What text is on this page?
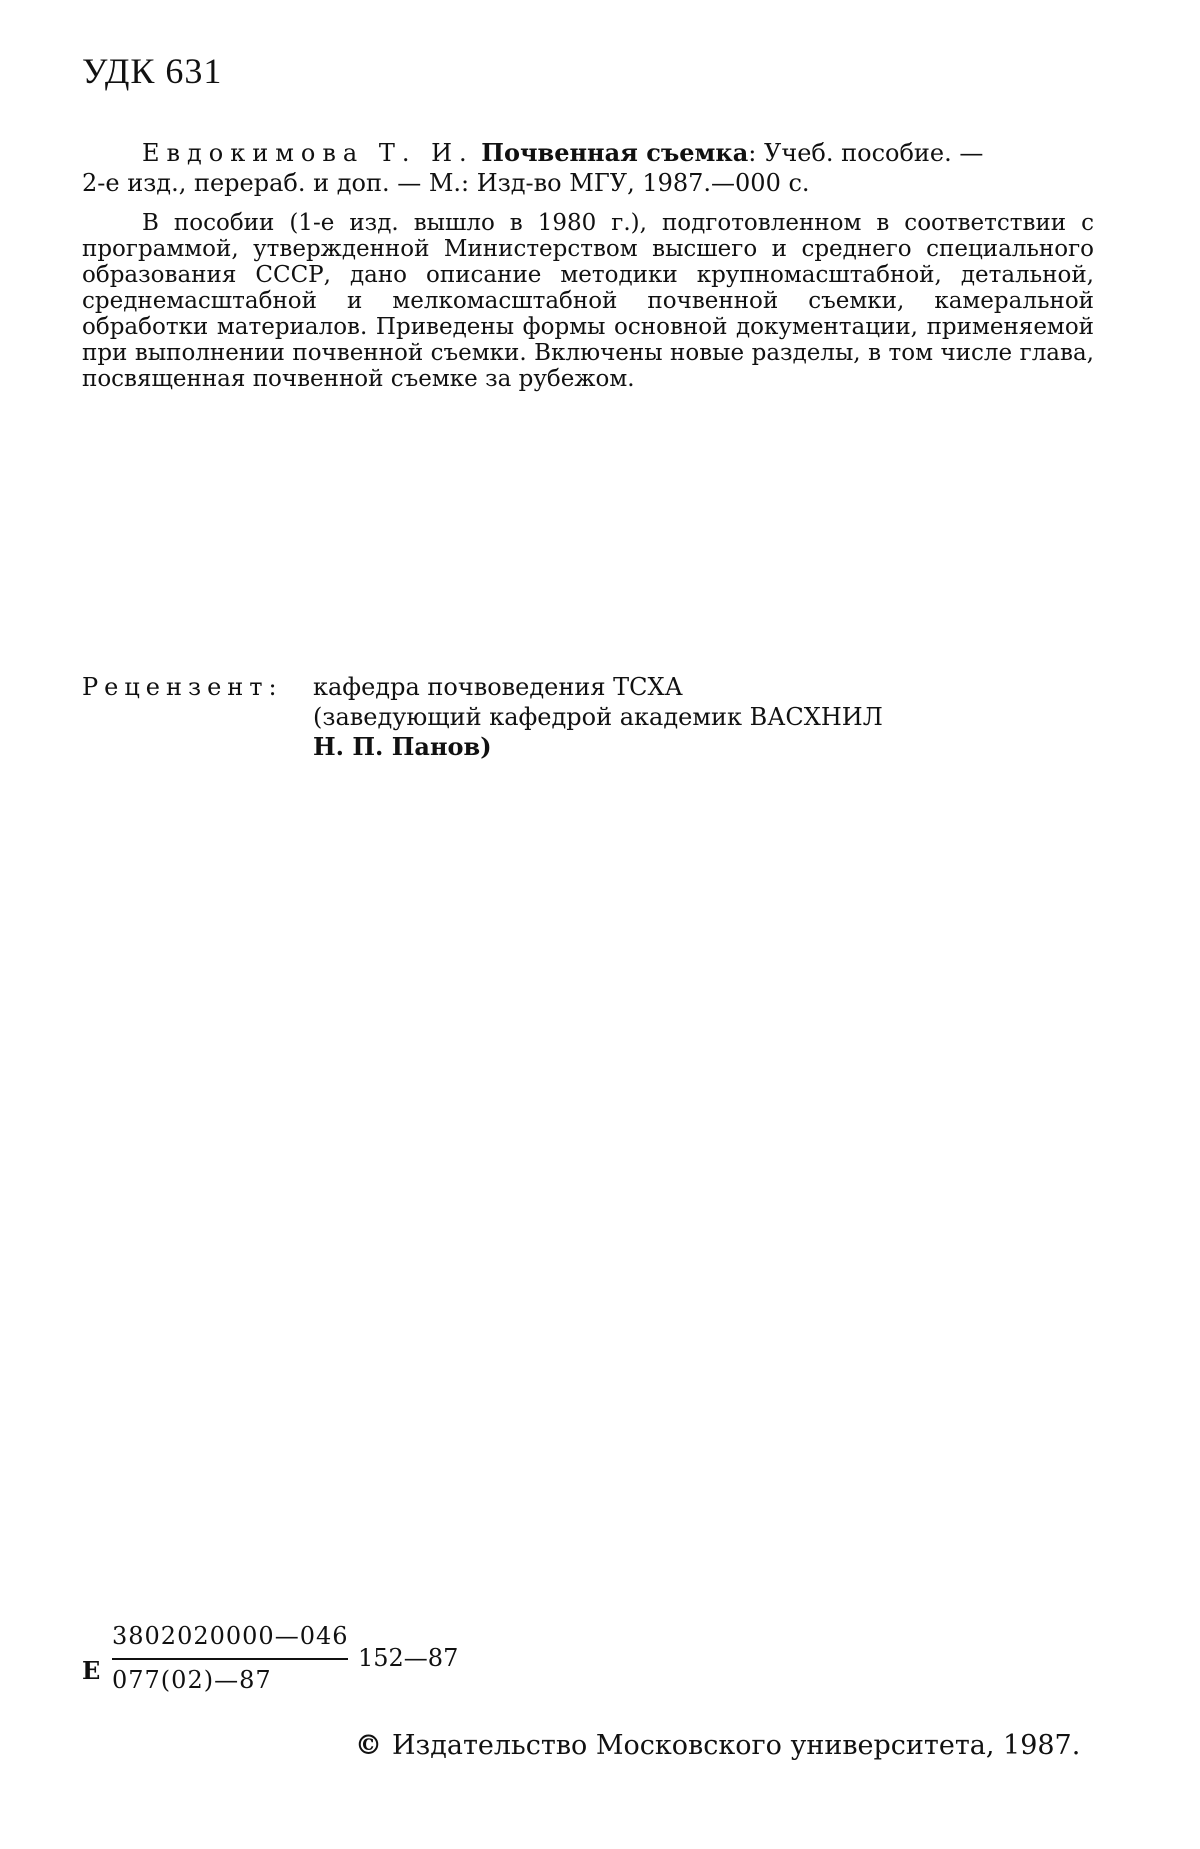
УДК 631

Евдокимова Т. И. Почвенная съемка: Учеб. пособие. —

2-е изд., перераб. и доп. — М.: Изд-во МГУ, 1987.—000 с.
В пособии (1-е изд. вышло в 1980 г.), подготовленном в соответствии с программой, утвержденной Министерством высшего и среднего специального образования СССР, дано описание методики крупномасштабной, детальной, среднемасштабной и мелкомасштабной почвенной съемки, камеральной обработки материалов. Приведены формы основной документации, применяемой при выполнении почвенной съемки. Включены новые разделы, в том числе глава, посвященная почвенной съемке за рубежом.
Рецензент: кафедра почвоведения ТСХА
(заведующий кафедрой академик ВАСХНИЛ
Н. П. Панов)
Е
3802020000—046
077(02)—87
152—87
© Издательство Московского университета, 1987.
